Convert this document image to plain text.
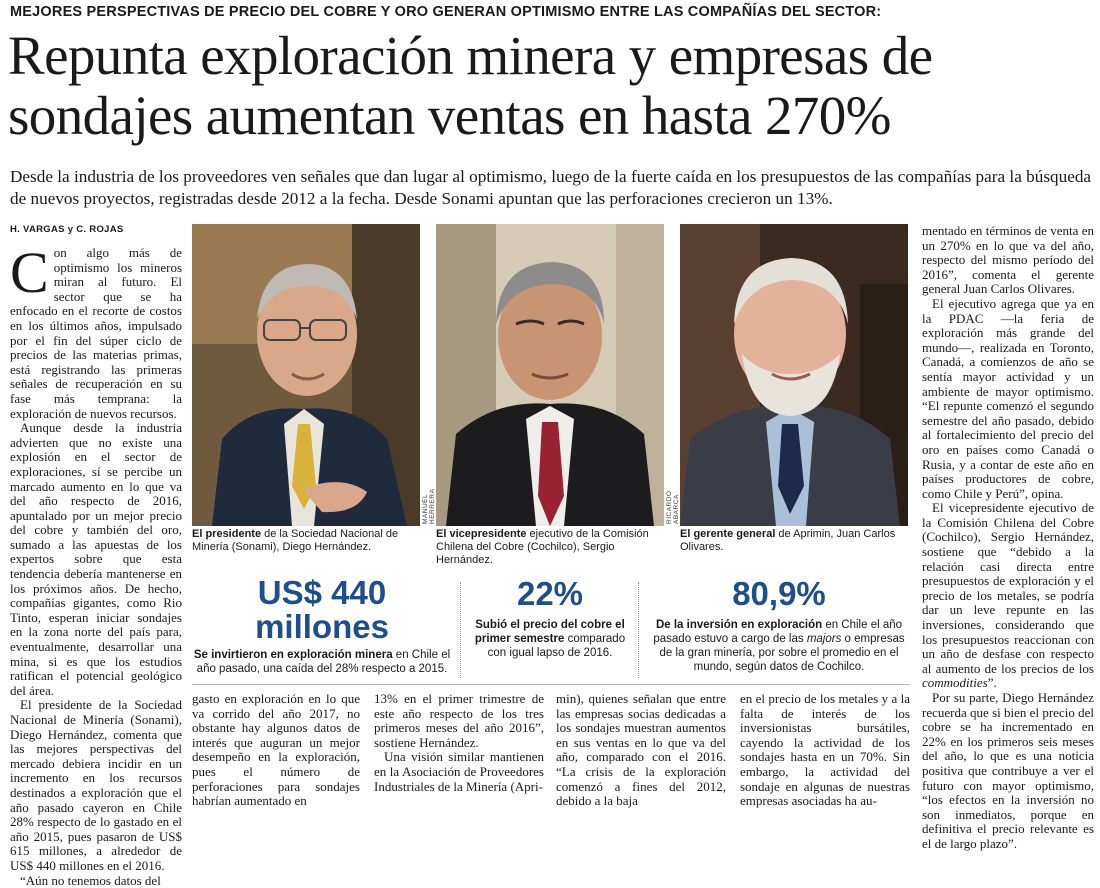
MEJORES PERSPECTIVAS DE PRECIO DEL COBRE Y ORO GENERAN OPTIMISMO ENTRE LAS COMPAÑÍAS DEL SECTOR:
Repunta exploración minera y empresas de
sondajes aumentan ventas en hasta 270%
Desde la industria de los proveedores ven señales que dan lugar al optimismo, luego de la fuerte caída en los presupuestos de las compañías para la búsqueda de nuevos proyectos, registradas desde 2012 a la fecha. Desde Sonami apuntan que las perforaciones crecieron un 13%.
H. VARGAS y C. ROJAS

Con algo más de optimismo los mineros miran al futuro. El sector que se ha enfocado en el recorte de costos en los últimos años, impulsado por el fin del súper ciclo de precios de las materias primas, está registrando las primeras señales de recuperación en su fase más temprana: la exploración de nuevos recursos.

Aunque desde la industria advierten que no existe una explosión en el sector de exploraciones, sí se percibe un marcado aumento en lo que va del año respecto de 2016, apuntalado por un mejor precio del cobre y también del oro, sumado a las apuestas de los expertos sobre que esta tendencia debería mantenerse en los próximos años. De hecho, compañías gigantes, como Rio Tinto, esperan iniciar sondajes en la zona norte del país para, eventualmente, desarrollar una mina, si es que los estudios ratifican el potencial geológico del área.

El presidente de la Sociedad Nacional de Minería (Sonami), Diego Hernández, comenta que las mejores perspectivas del mercado debiera incidir en un incremento en los recursos destinados a exploración que el año pasado cayeron en Chile 28% respecto de lo gastado en el año 2015, pues pasaron de US$ 615 millones, a alrededor de US$ 440 millones en el 2016.

“Aún no tenemos datos del

MANUEL HERRERA	RICARDO ABARCA
El presidente de la Sociedad Nacional de Minería (Sonami), Diego Hernández.
El vicepresidente ejecutivo de la Comisión Chilena del Cobre (Cochilco), Sergio Hernández.
El gerente general de Aprimin, Juan Carlos Olivares.
US$ 440
millones
Se invirtieron en exploración minera en Chile el año pasado, una caída del 28% respecto a 2015.
22%
Subió el precio del cobre el primer semestre comparado con igual lapso de 2016.
80,9%
De la inversión en exploración en Chile el año pasado estuvo a cargo de las majors o empresas de la gran minería, por sobre el promedio en el mundo, según datos de Cochilco.

gasto en exploración en lo que va corrido del año 2017, no obstante hay algunos datos de interés que auguran un mejor desempeño en la exploración, pues el número de perforaciones para sondajes habrían aumentado en

13% en el primer trimestre de este año respecto de los tres primeros meses del año 2016”, sostiene Hernández.

Una visión similar mantienen en la Asociación de Proveedores Industriales de la Minería (Apri-

min), quienes señalan que entre las empresas socias dedicadas a los sondajes muestran aumentos en sus ventas en lo que va del año, comparado con el 2016. “La crisis de la exploración comenzó a fines del 2012, debido a la baja

en el precio de los metales y a la falta de interés de los inversionistas bursátiles, cayendo la actividad de los sondajes hasta en un 70%. Sin embargo, la actividad del sondaje en algunas de nuestras empresas asociadas ha au-

mentado en términos de venta en un 270% en lo que va del año, respecto del mismo período del 2016”, comenta el gerente general Juan Carlos Olivares.

El ejecutivo agrega que ya en la PDAC —la feria de exploración más grande del mundo—, realizada en Toronto, Canadá, a comienzos de año se sentía mayor actividad y un ambiente de mayor optimismo. “El repunte comenzó el segundo semestre del año pasado, debido al fortalecimiento del precio del oro en países como Canadá o Rusia, y a contar de este año en países productores de cobre, como Chile y Perú”, opina.

El vicepresidente ejecutivo de la Comisión Chilena del Cobre (Cochilco), Sergio Hernández, sostiene que “debido a la relación casi directa entre presupuestos de exploración y el precio de los metales, se podría dar un leve repunte en las inversiones, considerando que los presupuestos reaccionan con un año de desfase con respecto al aumento de los precios de los commodities”.

Por su parte, Diego Hernández recuerda que si bien el precio del cobre se ha incrementado en 22% en los primeros seis meses del año, lo que es una noticia positiva que contribuye a ver el futuro con mayor optimismo, “los efectos en la inversión no son inmediatos, porque en definitiva el precio relevante es el de largo plazo”.
